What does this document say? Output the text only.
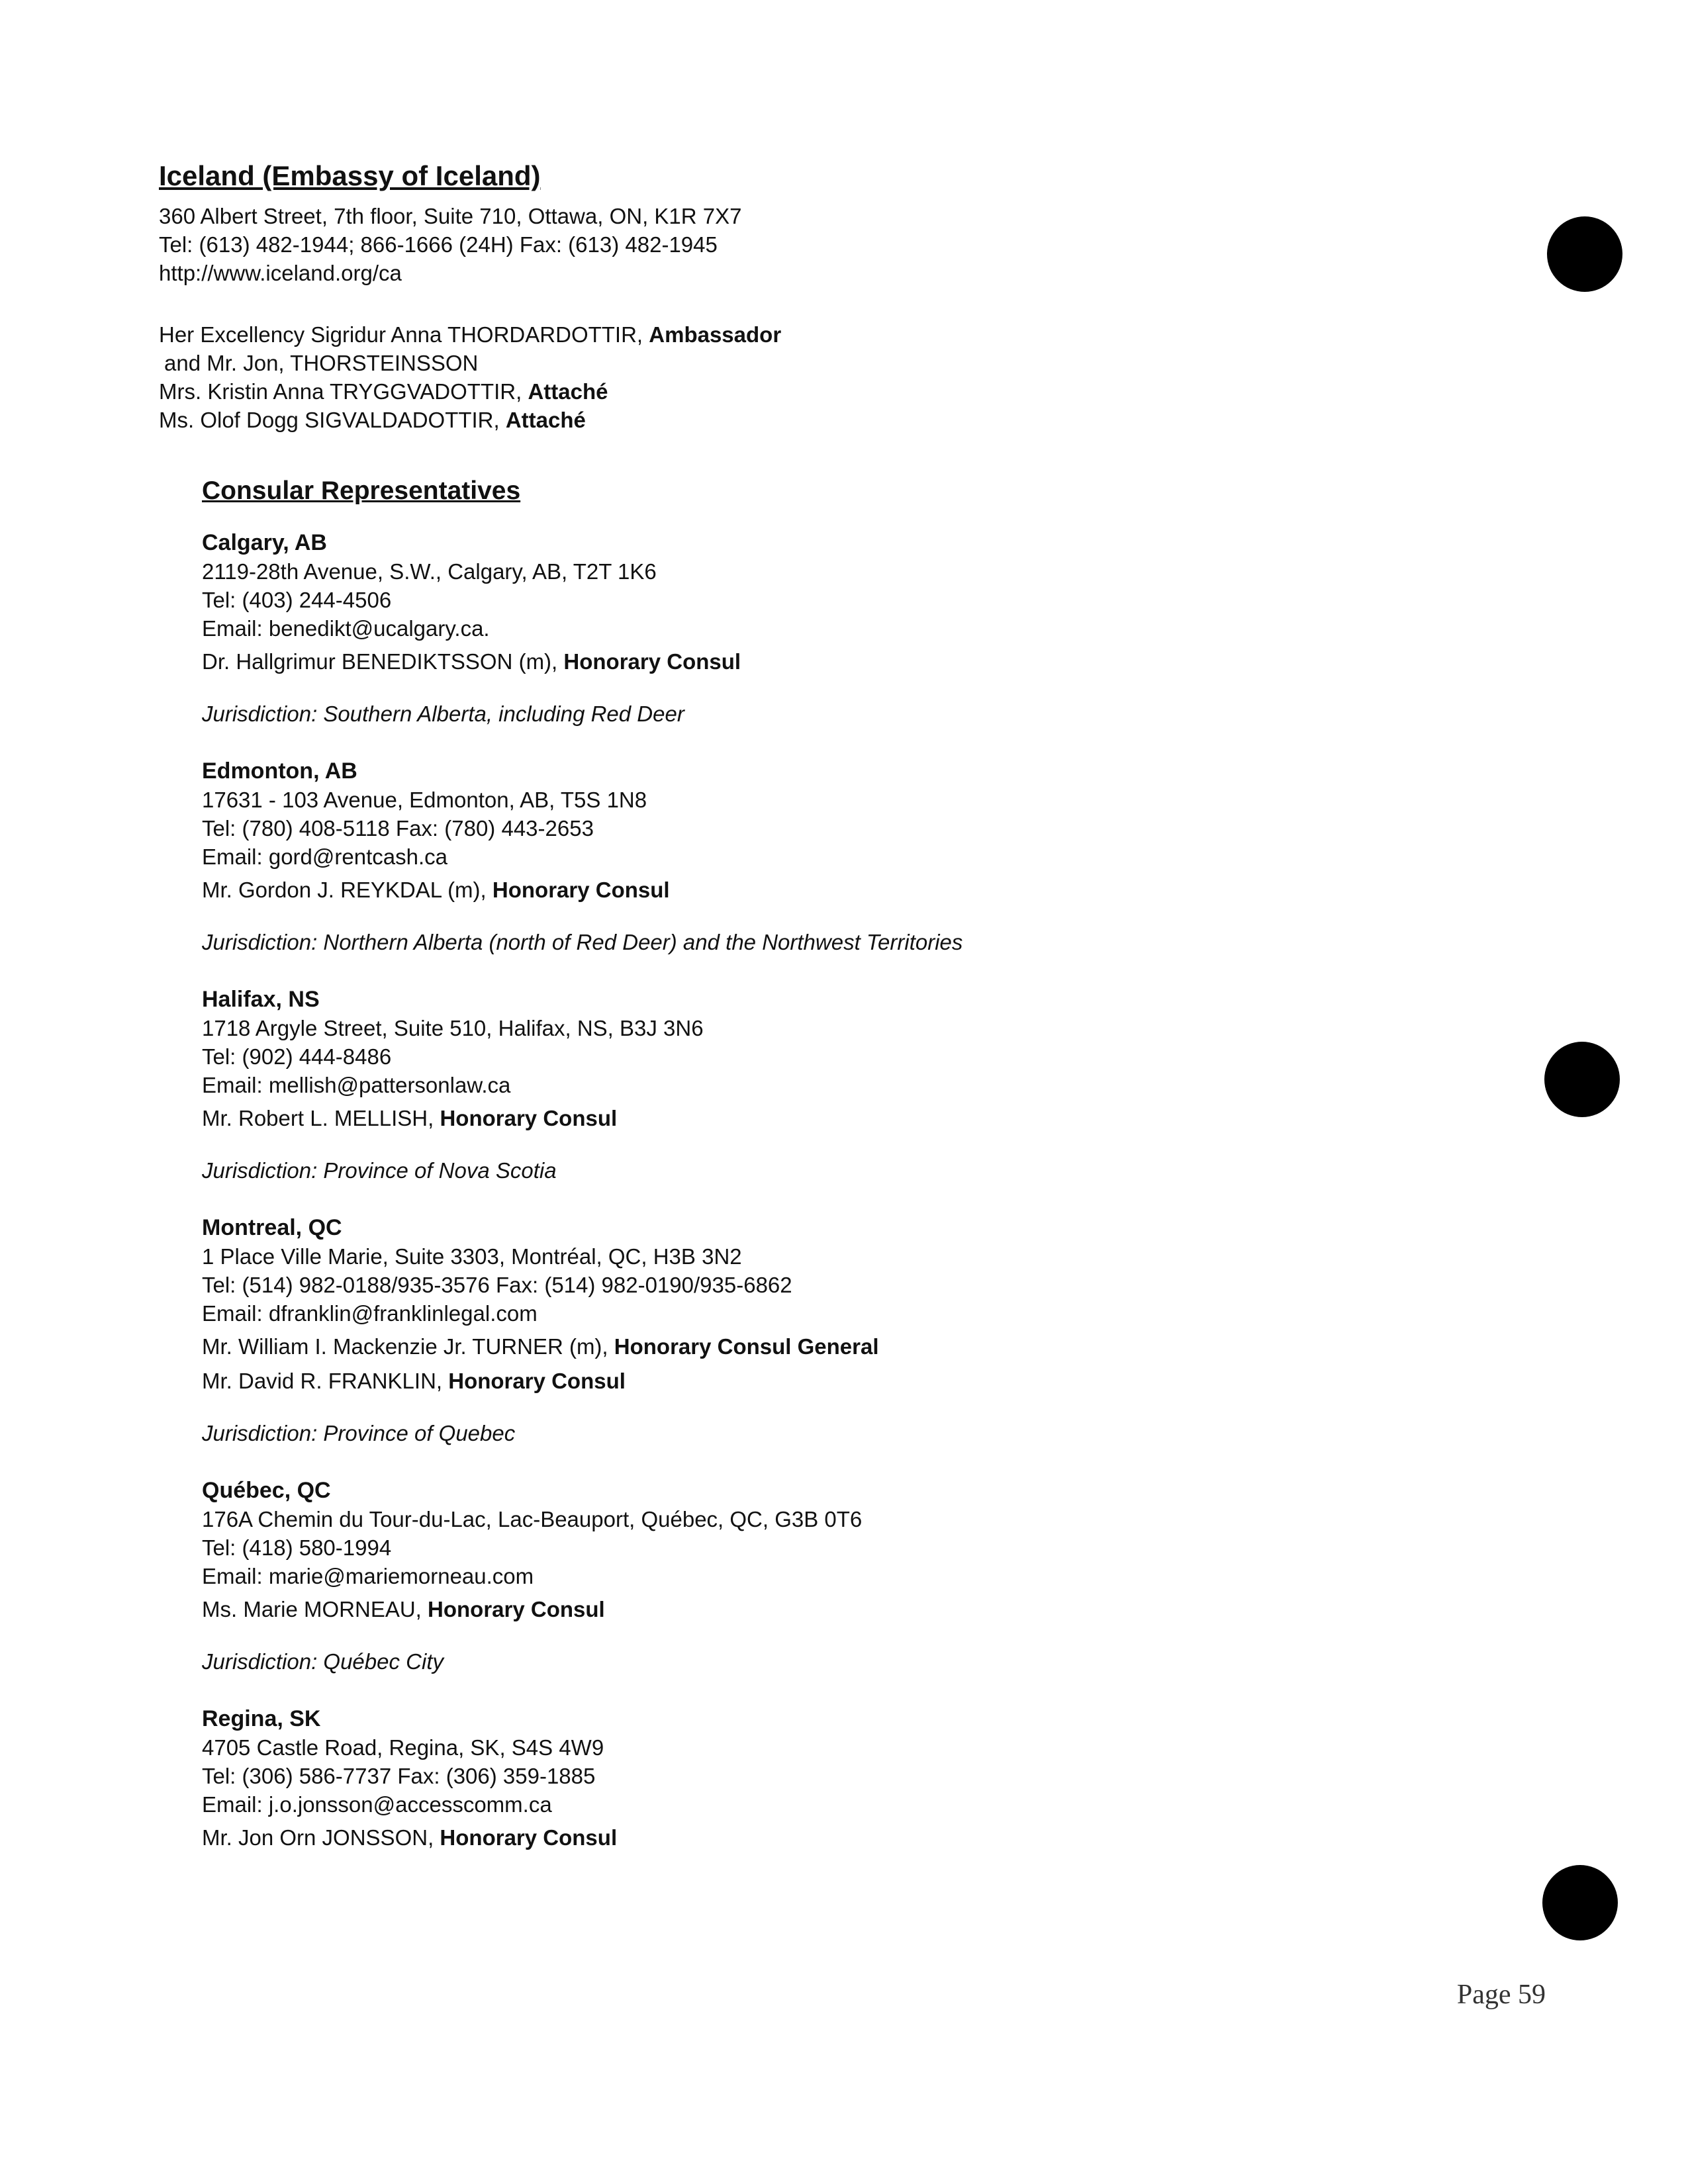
Iceland (Embassy of Iceland)
360 Albert Street, 7th floor, Suite 710, Ottawa, ON, K1R 7X7
Tel: (613) 482-1944; 866-1666 (24H) Fax: (613) 482-1945
http://www.iceland.org/ca
Her Excellency Sigridur Anna THORDARDOTTIR, Ambassador
and Mr. Jon, THORSTEINSSON
Mrs. Kristin Anna TRYGGVADOTTIR, Attaché
Ms. Olof Dogg SIGVALDADOTTIR, Attaché
Consular Representatives
Calgary, AB
2119-28th Avenue, S.W., Calgary, AB, T2T 1K6
Tel: (403) 244-4506
Email: benedikt@ucalgary.ca.
Dr. Hallgrimur BENEDIKTSSON (m), Honorary Consul
Jurisdiction: Southern Alberta, including Red Deer
Edmonton, AB
17631 - 103 Avenue, Edmonton, AB, T5S 1N8
Tel: (780) 408-5118 Fax: (780) 443-2653
Email: gord@rentcash.ca
Mr. Gordon J. REYKDAL (m), Honorary Consul
Jurisdiction: Northern Alberta (north of Red Deer) and the Northwest Territories
Halifax, NS
1718 Argyle Street, Suite 510, Halifax, NS, B3J 3N6
Tel: (902) 444-8486
Email: mellish@pattersonlaw.ca
Mr. Robert L. MELLISH, Honorary Consul
Jurisdiction: Province of Nova Scotia
Montreal, QC
1 Place Ville Marie, Suite 3303, Montréal, QC, H3B 3N2
Tel: (514) 982-0188/935-3576 Fax: (514) 982-0190/935-6862
Email: dfranklin@franklinlegal.com
Mr. William I. Mackenzie Jr. TURNER (m), Honorary Consul General
Mr. David R. FRANKLIN, Honorary Consul
Jurisdiction: Province of Quebec
Québec, QC
176A Chemin du Tour-du-Lac, Lac-Beauport, Québec, QC, G3B 0T6
Tel: (418) 580-1994
Email: marie@mariemorneau.com
Ms. Marie MORNEAU, Honorary Consul
Jurisdiction: Québec City
Regina, SK
4705 Castle Road, Regina, SK, S4S 4W9
Tel: (306) 586-7737 Fax: (306) 359-1885
Email: j.o.jonsson@accesscomm.ca
Mr. Jon Orn JONSSON, Honorary Consul
Page 59
